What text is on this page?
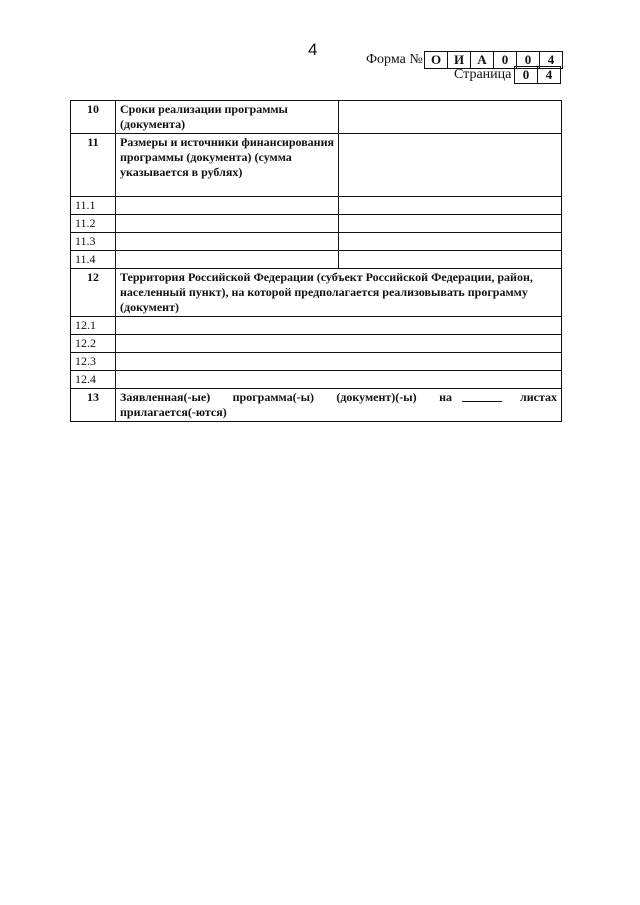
4
Форма № О И	А	0	0	4
Страница 0	4
10	Сроки реализации программы (документа)	
11	Размеры и источники финансирования программы (документа) (сумма указывается в рублях)	
11.1		
11.2		
11.3		
11.4		
12	Территория Российской Федерации (субъект Российской Федерации, район, населенный пункт), на которой предполагается реализовывать программу (документ)	
12.1		
12.2		
12.3		
12.4		
13	Заявленная(-ые) программа(-ы) (документ)(-ы) на листах
прилагается(-ются)	
